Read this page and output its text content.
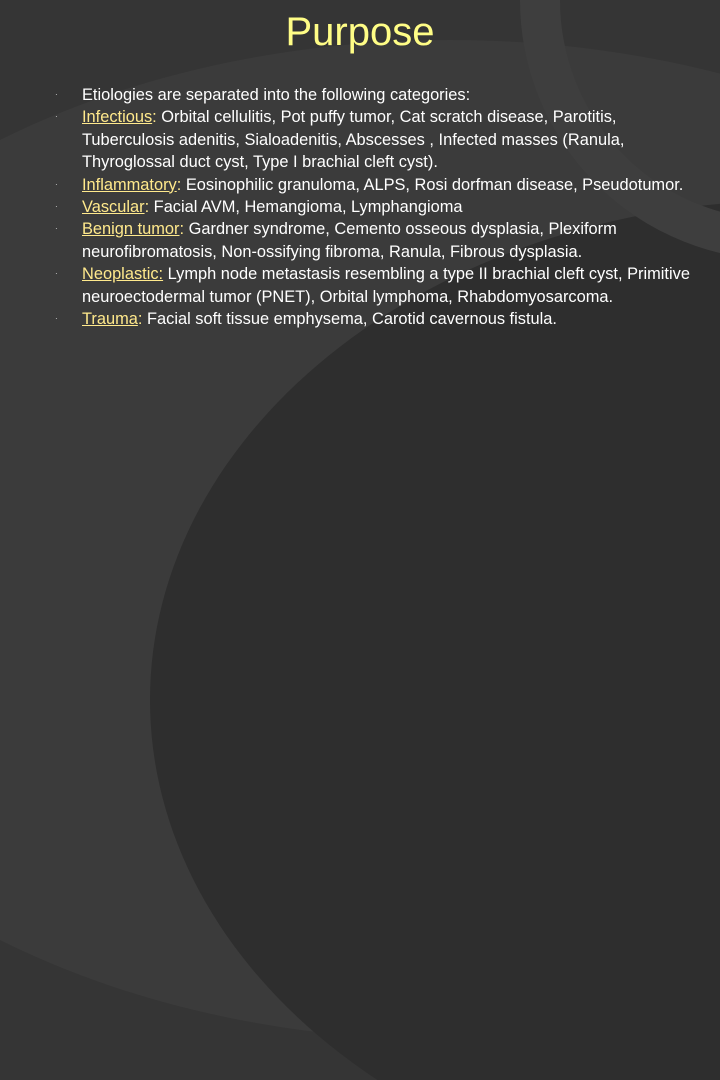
Purpose
· Etiologies are separated into the following categories:
· Infectious: Orbital cellulitis, Pot puffy tumor, Cat scratch disease, Parotitis, Tuberculosis adenitis, Sialoadenitis, Abscesses , Infected masses (Ranula, Thyroglossal duct cyst, Type I brachial cleft cyst).
· Inflammatory: Eosinophilic granuloma, ALPS, Rosi dorfman disease, Pseudotumor.
· Vascular: Facial AVM, Hemangioma, Lymphangioma
· Benign tumor: Gardner syndrome, Cemento osseous dysplasia, Plexiform neurofibromatosis, Non-ossifying fibroma, Ranula, Fibrous dysplasia.
· Neoplastic: Lymph node metastasis resembling a type II brachial cleft cyst, Primitive neuroectodermal tumor (PNET), Orbital lymphoma, Rhabdomyosarcoma.
· Trauma: Facial soft tissue emphysema, Carotid cavernous fistula.
